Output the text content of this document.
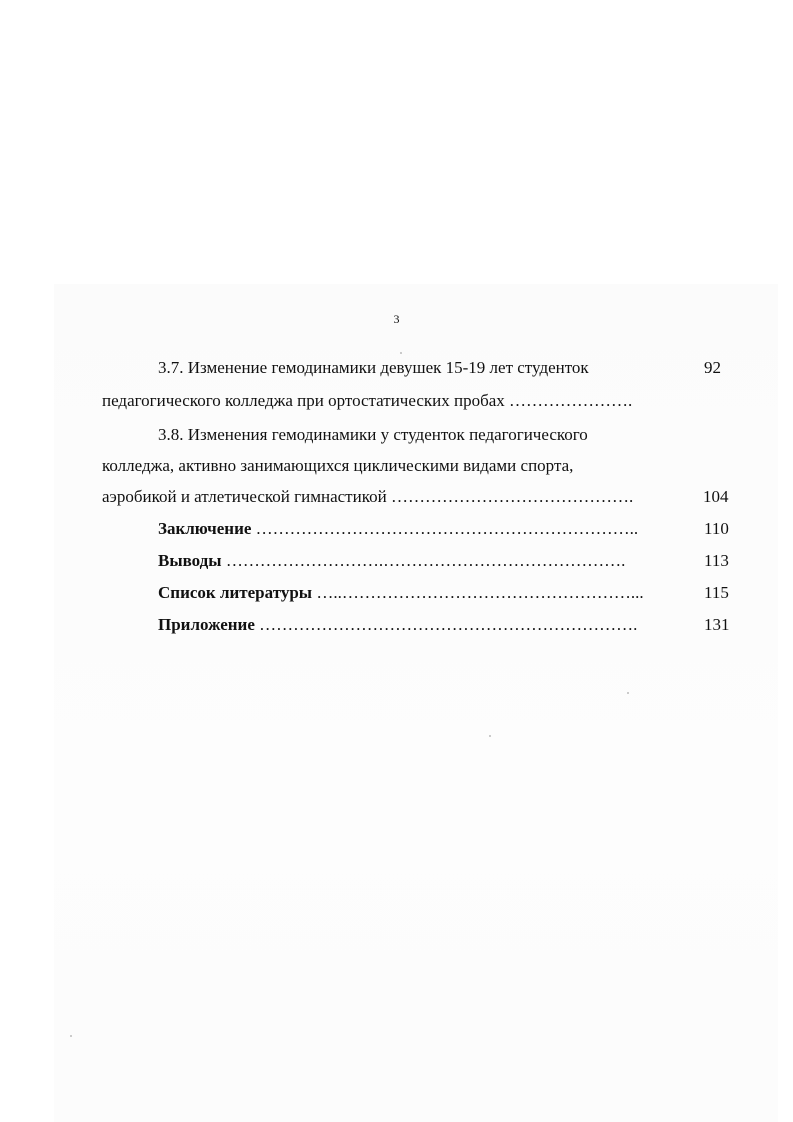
3
3.7. Изменение гемодинамики девушек 15-19 лет студенток	92
педагогического колледжа при ортостатических пробах ………………….
3.8. Изменения гемодинамики у студенток педагогического
колледжа, активно занимающихся циклическими видами спорта,
аэробикой и атлетической гимнастикой …………………………………….	104
Заключение …………………………………………………………..	110
Выводы ……………………….…………………………………….	113
Список литературы …..……………………………………………...	115
Приложение ………………………………………………………….	131
